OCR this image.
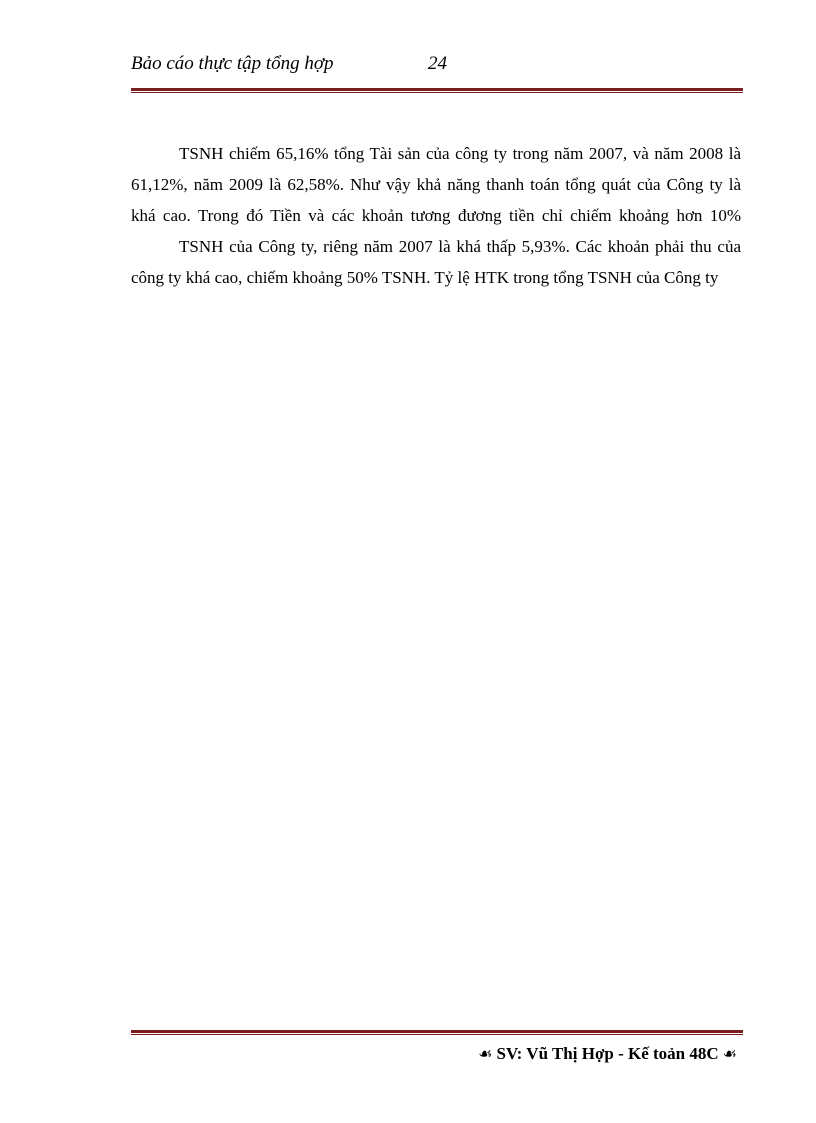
Bảo cáo thực tập tổng hợp	24
TSNH chiếm 65,16% tổng Tài sản của công ty trong năm 2007, và năm 2008 là
61,12%, năm 2009 là 62,58%. Như vậy khả năng thanh toán tổng quát của Công ty là
khá cao. Trong đó Tiền và các khoản tương đương tiền chỉ chiếm khoảng hơn 10%
TSNH của Công ty, riêng năm 2007 là khá thấp 5,93%. Các khoản phải thu của
công ty khá cao, chiếm khoảng 50% TSNH. Tỷ lệ HTK trong tổng TSNH của Công ty
☙ SV: Vũ Thị Hợp - Kế toản 48C ☙
